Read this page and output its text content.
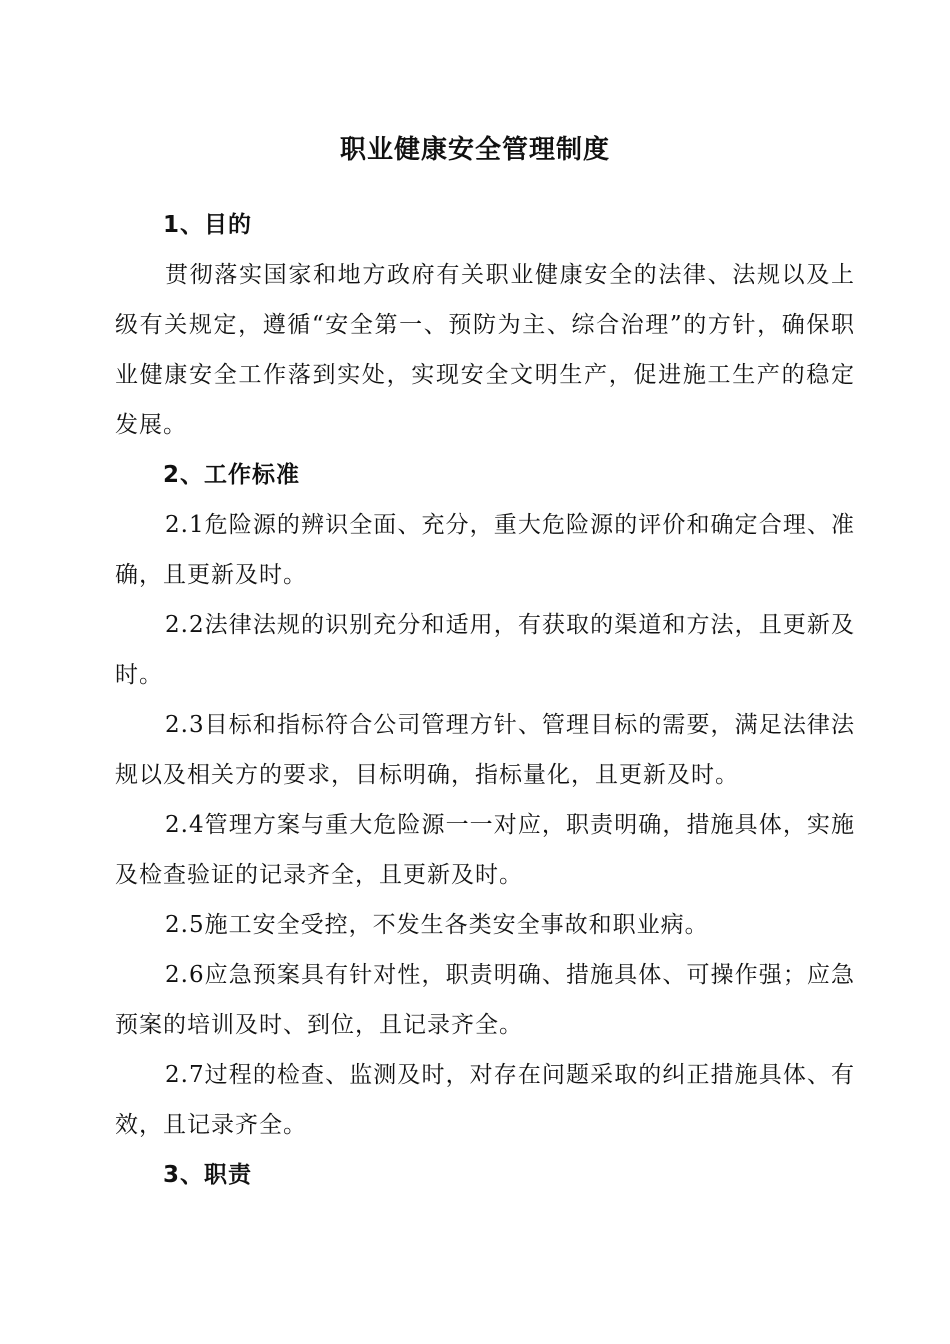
职业健康安全管理制度

1、目的

贯彻落实国家和地方政府有关职业健康安全的法律、法规以及上级有关规定，遵循“安全第一、预防为主、综合治理”的方针，确保职业健康安全工作落到实处，实现安全文明生产，促进施工生产的稳定发展。

2、工作标准

2.1危险源的辨识全面、充分，重大危险源的评价和确定合理、准确，且更新及时。

2.2法律法规的识别充分和适用，有获取的渠道和方法，且更新及时。

2.3目标和指标符合公司管理方针、管理目标的需要，满足法律法规以及相关方的要求，目标明确，指标量化，且更新及时。

2.4管理方案与重大危险源一一对应，职责明确，措施具体，实施及检查验证的记录齐全，且更新及时。

2.5施工安全受控，不发生各类安全事故和职业病。

2.6应急预案具有针对性，职责明确、措施具体、可操作强；应急预案的培训及时、到位，且记录齐全。

2.7过程的检查、监测及时，对存在问题采取的纠正措施具体、有效，且记录齐全。

3、职责
